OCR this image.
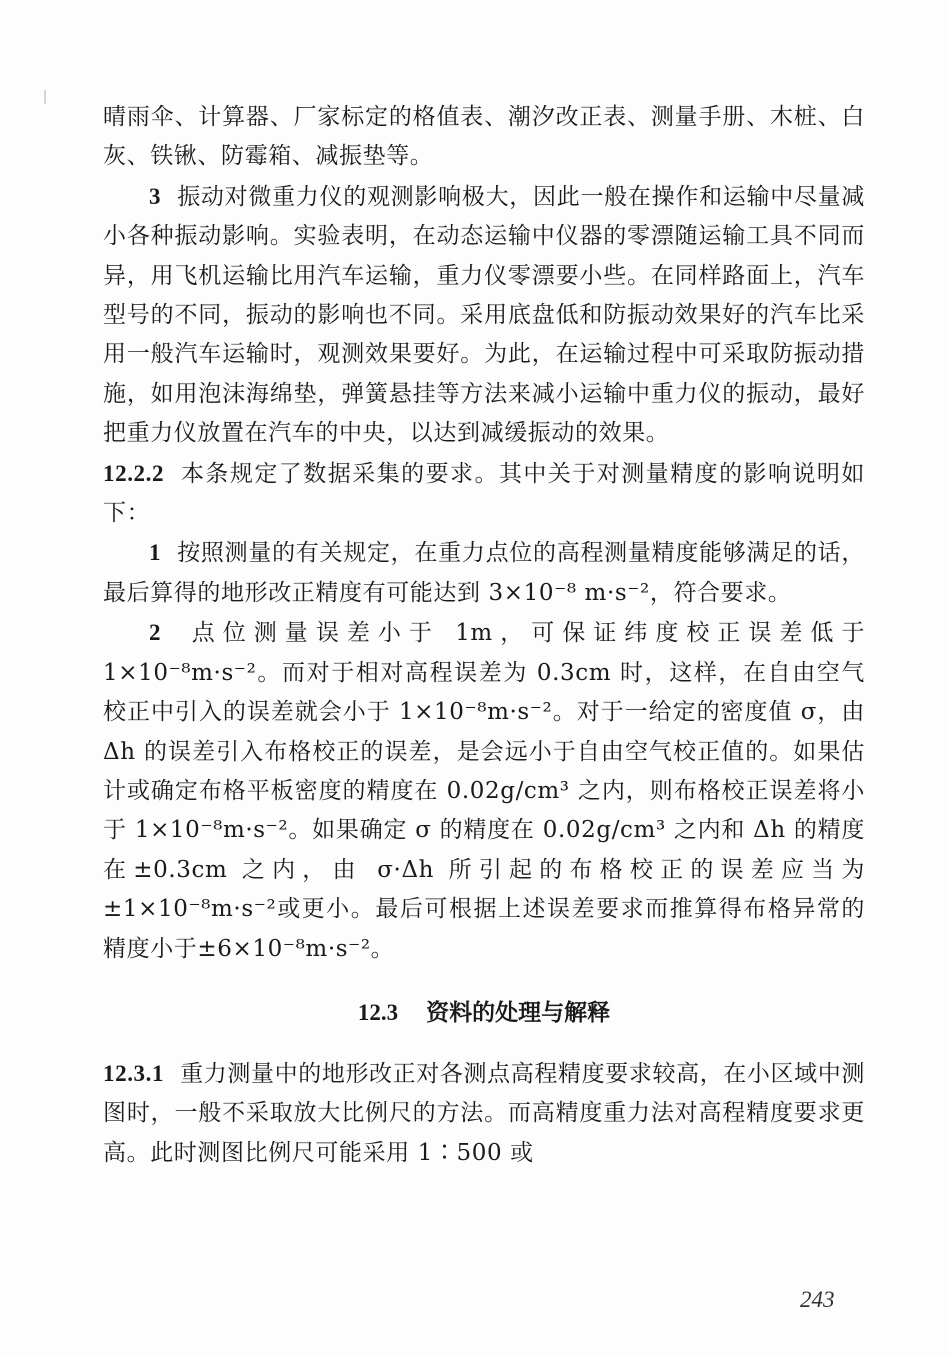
晴雨伞、计算器、厂家标定的格值表、潮汐改正表、测量手册、木桩、白灰、铁锹、防霉箱、减振垫等。

3 振动对微重力仪的观测影响极大，因此一般在操作和运输中尽量减小各种振动影响。实验表明，在动态运输中仪器的零漂随运输工具不同而异，用飞机运输比用汽车运输，重力仪零漂要小些。在同样路面上，汽车型号的不同，振动的影响也不同。采用底盘低和防振动效果好的汽车比采用一般汽车运输时，观测效果要好。为此，在运输过程中可采取防振动措施，如用泡沫海绵垫，弹簧悬挂等方法来减小运输中重力仪的振动，最好把重力仪放置在汽车的中央，以达到减缓振动的效果。

12.2.2 本条规定了数据采集的要求。其中关于对测量精度的影响说明如下：

1 按照测量的有关规定，在重力点位的高程测量精度能够满足的话，最后算得的地形改正精度有可能达到 3×10⁻⁸ m·s⁻²，符合要求。

2 点位测量误差小于 1m，可保证纬度校正误差低于 1×10⁻⁸m·s⁻²。而对于相对高程误差为 0.3cm 时，这样，在自由空气校正中引入的误差就会小于 1×10⁻⁸m·s⁻²。对于一给定的密度值 σ，由 Δh 的误差引入布格校正的误差，是会远小于自由空气校正值的。如果估计或确定布格平板密度的精度在 0.02g/cm³ 之内，则布格校正误差将小于 1×10⁻⁸m·s⁻²。如果确定 σ 的精度在 0.02g/cm³ 之内和 Δh 的精度在±0.3cm 之内，由 σ·Δh 所引起的布格校正的误差应当为±1×10⁻⁸m·s⁻²或更小。最后可根据上述误差要求而推算得布格异常的精度小于±6×10⁻⁸m·s⁻²。

12.3 资料的处理与解释

12.3.1 重力测量中的地形改正对各测点高程精度要求较高，在小区域中测图时，一般不采取放大比例尺的方法。而高精度重力法对高程精度要求更高。此时测图比例尺可能采用 1∶500 或

243
